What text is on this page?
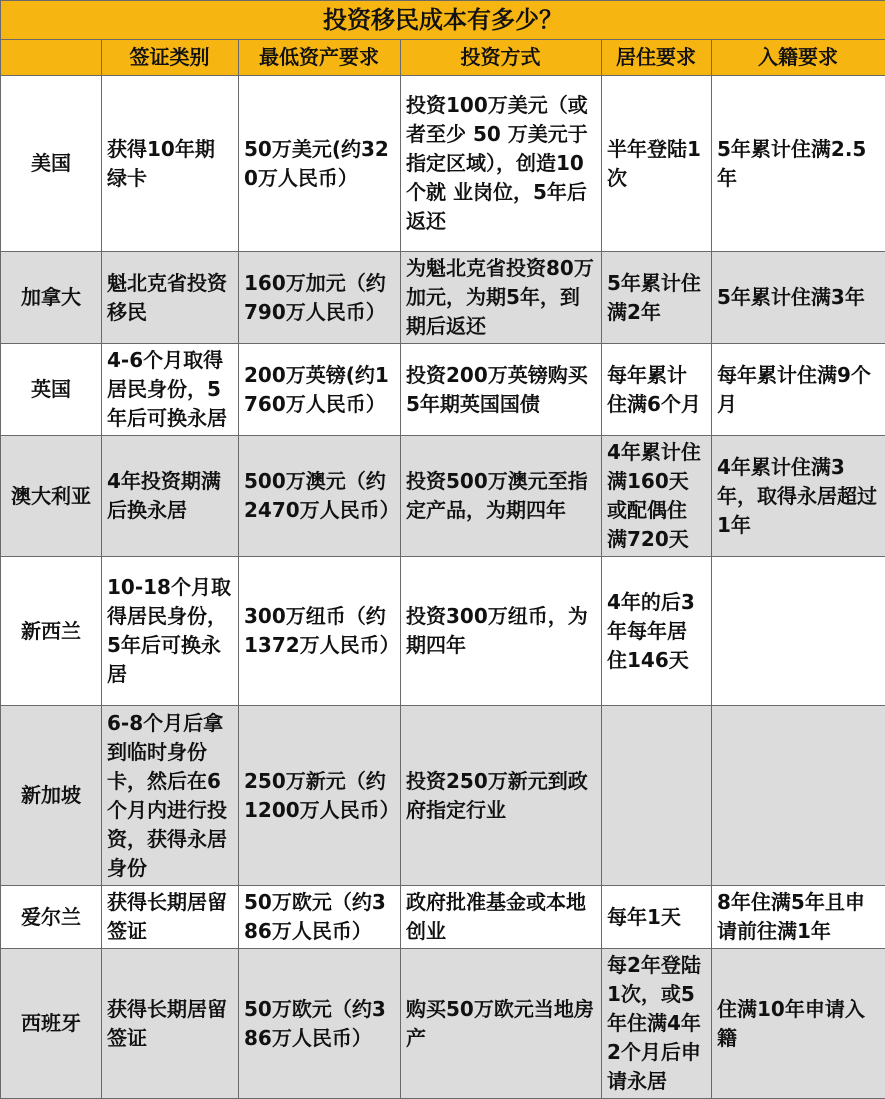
投资移民成本有多少？					
	签证类别	最低资产要求	投资方式	居住要求	入籍要求
美国	获得10年期绿卡	50万美元(约320万人民币）	投资100万美元（或者至少 50 万美元于指定区域），创造10 个就 业岗位，5年后返还	半年登陆1次	5年累计住满2.5年
加拿大	魁北克省投资移民	160万加元（约790万人民币）	为魁北克省投资80万加元，为期5年，到期后返还	5年累计住满2年	5年累计住满3年
英国	4-6个月取得居民身份，5年后可换永居	200万英镑(约1760万人民币）	投资200万英镑购买5年期英国国债	每年累计住满6个月	每年累计住满9个月
澳大利亚	4年投资期满后换永居	500万澳元（约2470万人民币）	投资500万澳元至指定产品，为期四年	4年累计住满160天或配偶住满720天	4年累计住满3年，取得永居超过1年
新西兰	10-18个月取得居民身份，5年后可换永居	300万纽币（约1372万人民币）	投资300万纽币，为期四年	4年的后3年每年居住146天	
新加坡	6-8个月后拿到临时身份卡，然后在6个月内进行投资，获得永居身份	250万新元（约1200万人民币）	投资250万新元到政府指定行业		
爱尔兰	获得长期居留签证	50万欧元（约386万人民币）	政府批准基金或本地创业	每年1天	8年住满5年且申请前往满1年
西班牙	获得长期居留签证	50万欧元（约386万人民币）	购买50万欧元当地房产	每2年登陆1次，或5年住满4年2个月后申请永居	住满10年申请入籍
